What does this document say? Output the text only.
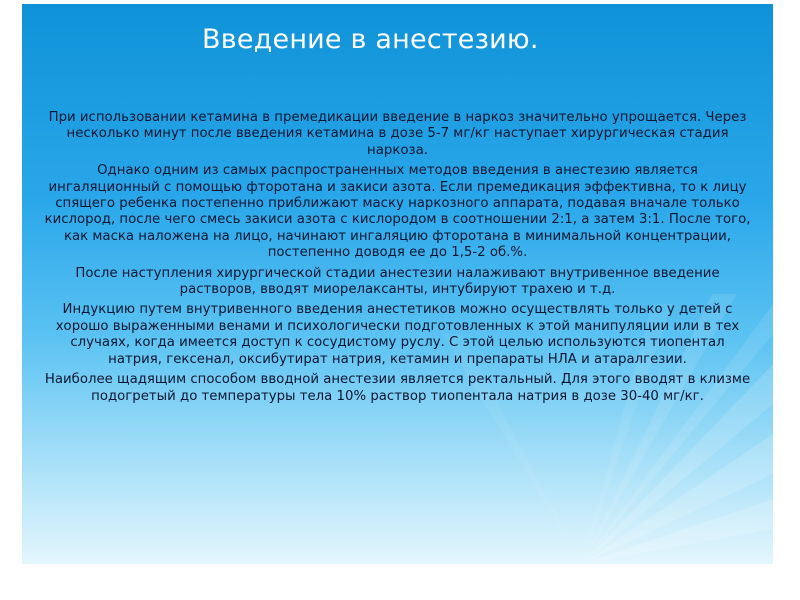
Введение в анестезию.

При использовании кетамина в премедикации введение в наркоз значительно упрощается. Через несколько минут после введения кетамина в дозе 5-7 мг/кг наступает хирургическая стадия наркоза.

Однако одним из самых распространенных методов введения в анестезию является ингаляционный с помощью фторотана и закиси азота. Если премедикация эффективна, то к лицу спящего ребенка постепенно приближают маску наркозного аппарата, подавая вначале только кислород, после чего смесь закиси азота с кислородом в соотношении 2:1, а затем 3:1. После того, как маска наложена на лицо, начинают ингаляцию фторотана в минимальной концентрации, постепенно доводя ее до 1,5-2 об.%.

После наступления хирургической стадии анестезии налаживают внутривенное введение растворов, вводят миорелаксанты, интубируют трахею и т.д.

Индукцию путем внутривенного введения анестетиков можно осуществлять только у детей с хорошо выраженными венами и психологически подготовленных к этой манипуляции или в тех случаях, когда имеется доступ к сосудистому руслу. С этой целью используются тиопентал натрия, гексенал, оксибутират натрия, кетамин и препараты НЛА и атаралгезии.

Наиболее щадящим способом вводной анестезии является ректальный. Для этого вводят в клизме подогретый до температуры тела 10% раствор тиопентала натрия в дозе 30-40 мг/кг.
